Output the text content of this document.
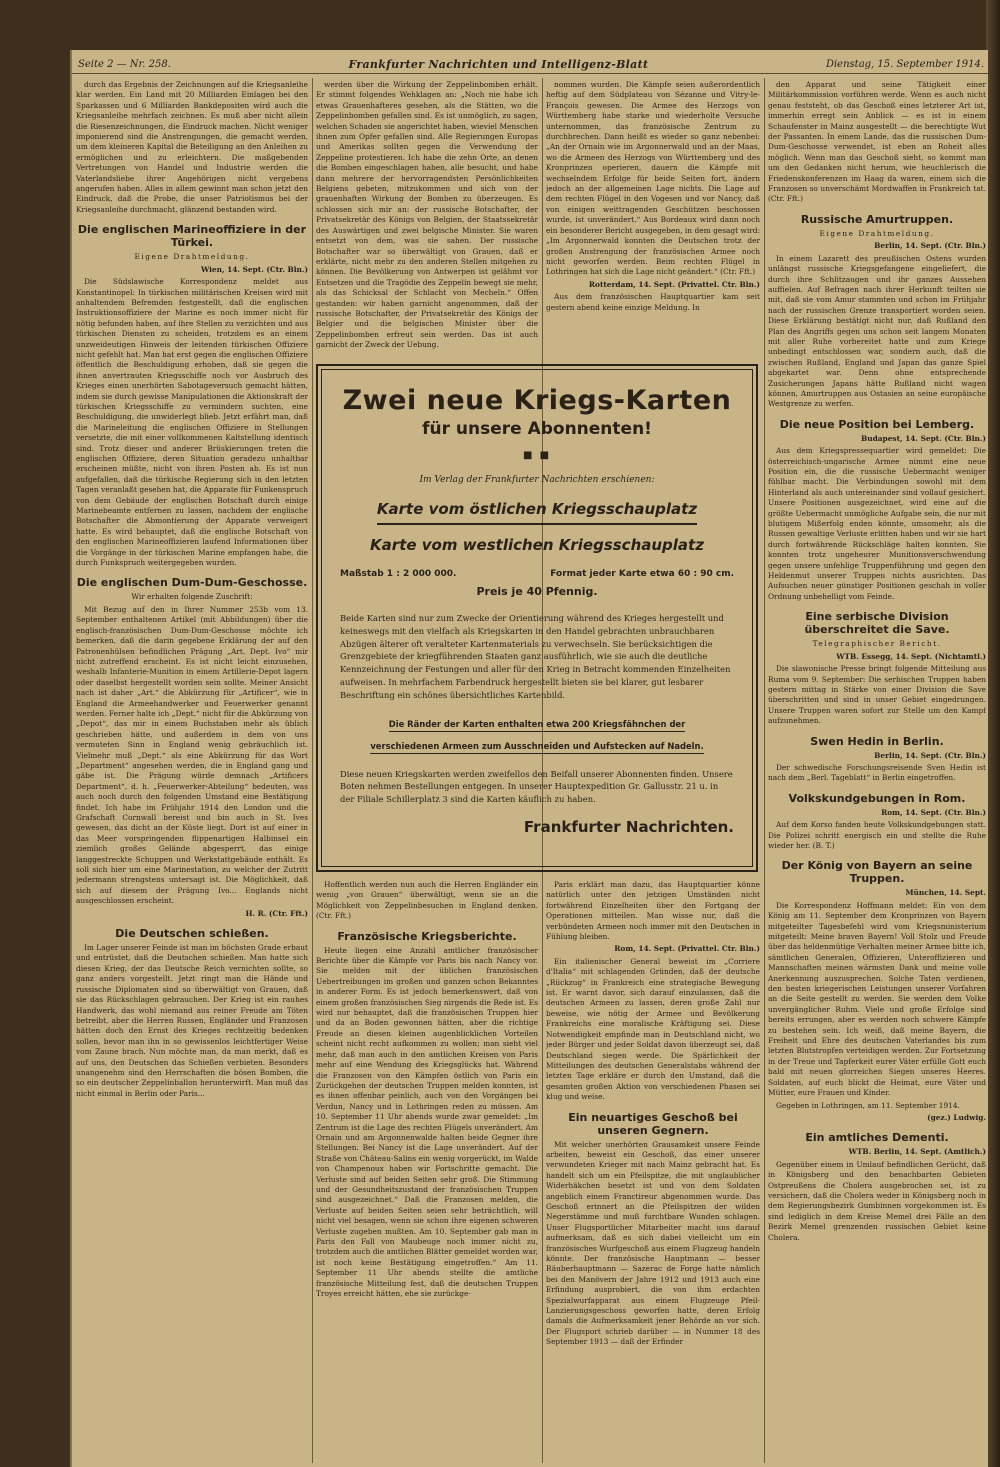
Seite 2 — Nr. 258.	Frankfurter Nachrichten und Intelligenz-Blatt	Dienstag, 15. September 1914.

durch das Ergebnis der Zeichnungen auf die Kriegsanleihe klar werden. Ein Land mit 20 Milliarden Einlagen bei den Sparkassen und 6 Milliarden Bankdepositen wird auch die Kriegsanleihe mehrfach zeichnen. Es muß aber nicht allein die Riesenzeichnungen, die Eindruck machen. Nicht weniger imponierend sind die Anstrengungen, die gemacht werden, um dem kleineren Kapital die Beteiligung an den Anleihen zu ermöglichen und zu erleichtern. Die maßgebenden Vertretungen von Handel und Industrie werden die Vaterlandsliebe ihrer Angehörigen nicht vergebens angerufen haben. Alles in allem gewinnt man schon jetzt den Eindruck, daß die Probe, die unser Patriotismus bei der Kriegsanleihe durchmacht, glänzend bestanden wird.

Die englischen Marineoffiziere in der Türkei.
Eigene Drahtmeldung.
Wien, 14. Sept. (Ctr. Bln.)

Die Südslawische Korrespondenz meldet aus Konstantinopel: In türkischen militärischen Kreisen wird mit anhaltendem Befremden festgestellt, daß die englischen Instruktionsoffiziere der Marine es noch immer nicht für nötig befunden haben, auf ihre Stellen zu verzichten und aus türkischen Diensten zu scheiden, trotzdem es an einem unzweideutigen Hinweis der leitenden türkischen Offiziere nicht gefehlt hat. Man hat erst gegen die englischen Offiziere öffentlich die Beschuldigung erhoben, daß sie gegen die ihnen anvertrauten Kriegsschiffe noch vor Ausbruch des Krieges einen unerhörten Sabotageversuch gemacht hätten, indem sie durch gewisse Manipulationen die Aktionskraft der türkischen Kriegsschiffe zu vermindern suchten, eine Beschuldigung, die unwiderlegt blieb. Jetzt erfährt man, daß die Marineleitung die englischen Offiziere in Stellungen versetzte, die mit einer vollkommenen Kaltstellung identisch sind. Trotz dieser und anderer Brüskierungen treten die englischen Offiziere, deren Situation geradezu unhaltbar erscheinen müßte, nicht von ihren Posten ab. Es ist nun aufgefallen, daß die türkische Regierung sich in den letzten Tagen veranlaßt gesehen hat, die Apparate für Funkenspruch von dem Gebäude der englischen Botschaft durch einige Marinebeamte entfernen zu lassen, nachdem der englische Botschafter die Abmontierung der Apparate verweigert hatte. Es wird behauptet, daß die englische Botschaft von den englischen Marineoffizieren laufend Informationen über die Vorgänge in der türkischen Marine empfangen habe, die durch Funkspruch weitergegeben wurden.

Die englischen Dum-Dum-Geschosse.
Wir erhalten folgende Zuschrift:

Mit Bezug auf den in Ihrer Nummer 253b vom 13. September enthaltenen Artikel (mit Abbildungen) über die englisch-französischen Dum-Dum-Geschosse möchte ich bemerken, daß die darin gegebene Erklärung der auf den Patronenhülsen befindlichen Prägung „Art. Dept. Ivo“ mir nicht zutreffend erscheint. Es ist nicht leicht einzusehen, weshalb Infanterie-Munition in einem Artillerie-Depot lagern oder daselbst hergestellt worden sein sollte. Meiner Ansicht nach ist daher „Art.“ die Abkürzung für „Artificer“, wie in England die Armeehandwerker und Feuerwerker genannt werden. Ferner halte ich „Dept.“ nicht für die Abkürzung von „Depot“, das mir in einem Buchstaben mehr als üblich geschrieben hätte, und außerdem in dem von uns vermuteten Sinn in England wenig gebräuchlich ist. Vielmehr muß „Dept.“ als eine Abkürzung für das Wort „Department“ angesehen werden, die in England gang und gäbe ist. Die Prägung würde demnach „Artificers Department“, d. h. „Feuerwerker-Abteilung“ bedeuten, was auch noch durch den folgenden Umstand eine Bestätigung findet. Ich habe im Frühjahr 1914 den London und die Grafschaft Cornwall bereist und bin auch in St. Ives gewesen, das dicht an der Küste liegt. Dort ist auf einer in das Meer vorspringenden flippenartigen Halbinsel ein ziemlich großes Gelände abgesperrt, das einige langgestreckte Schuppen und Werkstattgebäude enthält. Es soll sich hier um eine Marinestation, zu welcher der Zutritt jedermann strengstens untersagt ist. Die Möglichkeit, daß sich auf diesem der Prägung Ivo... Englands nicht ausgeschlossen erscheint.

H. R. (Ctr. Fft.)
Die Deutschen schießen.

Im Lager unserer Feinde ist man im höchsten Grade erbaut und entrüstet, daß die Deutschen schießen. Man hatte sich diesen Krieg, der das Deutsche Reich vernichten sollte, so ganz anders vorgestellt. Jetzt ringt man die Hände und russische Diplomaten sind so überwältigt von Grauen, daß sie das Rückschlagen gebrauchen. Der Krieg ist ein rauhes Handwerk, das wohl niemand aus reiner Freude am Töten betreibt, aber die Herren Russen, Engländer und Franzosen hätten doch den Ernst des Krieges rechtzeitig bedenken sollen, bevor man ihn in so gewissenlos leichtfertiger Weise vom Zaune brach. Nun möchte man, da man merkt, daß es auf uns, den Deutschen das Schießen verbieten. Besonders unangenehm sind den Herrschaften die bösen Bomben, die so ein deutscher Zeppelinballon herunterwirft. Man muß das nicht einmal in Berlin oder Paris...

werden über die Wirkung der Zeppelinbomben erhält. Er stimmt folgendes Wehklagen an: „Noch nie habe ich etwas Grauenhafteres gesehen, als die Stätten, wo die Zeppelinbomben gefallen sind. Es ist unmöglich, zu sagen, welchen Schaden sie angerichtet haben, wieviel Menschen ihnen zum Opfer gefallen sind. Alle Regierungen Europas und Amerikas sollten gegen die Verwendung der Zeppeline protestieren. Ich habe die zehn Orte, an denen die Bomben eingeschlagen haben, alle besucht, und habe dann mehrere der hervorragendsten Persönlichkeiten Belgiens gebeten, mitzukommen und sich von der grauenhaften Wirkung der Bomben zu überzeugen. Es schlossen sich mir an: der russische Botschafter, der Privatsekretär des Königs von Belgien, der Staatssekretär des Auswärtigen und zwei belgische Minister. Sie waren entsetzt von dem, was sie sahen. Der russische Botschafter war so überwältigt von Grauen, daß er erklärte, nicht mehr zu den anderen Stellen mitgehen zu können. Die Bevölkerung von Antwerpen ist gelähmt vor Entsetzen und die Tragödie des Zeppelin bewegt sie mehr, als das Schicksal der Schlacht von Mecheln.“ Offen gestanden: wir haben garnicht angenommen, daß der russische Botschafter, der Privatsekretär des Königs der Belgier und die belgischen Minister über die Zeppelinbomben erfreut sein werden. Das ist auch garnicht der Zweck der Uebung.

nommen wurden. Die Kämpfe seien außerordentlich heftig auf dem Südplateau von Sézanne und Vitry-le-François gewesen. Die Armee des Herzogs von Württemberg habe starke und wiederholte Versuche unternommen, das französische Zentrum zu durchbrechen. Dann heißt es wieder so ganz nebenbei: „An der Ornain wie im Argonnerwald und an der Maas, wo die Armeen des Herzogs von Württemberg und des Kronprinzen operieren, dauern die Kämpfe mit wechselndem Erfolge für beide Seiten fort, ändern jedoch an der allgemeinen Lage nichts. Die Lage auf dem rechten Flügel in den Vogesen und vor Nancy, daß von einigen weittragenden Geschützen beschossen wurde, ist unverändert.“ Aus Bordeaux wird dann noch ein besonderer Bericht ausgegeben, in dem gesagt wird: „Im Argonnerwald konnten die Deutschen trotz der großen Anstrengung der französischen Armee noch nicht geworfen werden. Beim rechten Flügel in Lothringen hat sich die Lage nicht geändert.“ (Ctr. Fft.)

Rotterdam, 14. Sept. (Privattel. Ctr. Bln.)

Aus dem französischen Hauptquartier kam seit gestern abend keine einzige Meldung. In

Zwei neue Kriegs-Karten
für unsere Abonnenten!
■ ■
Im Verlag der Frankfurter Nachrichten erschienen:
Karte vom östlichen Kriegsschauplatz
Karte vom westlichen Kriegsschauplatz
Maßstab 1 : 2 000 000.	Format jeder Karte etwa 60 : 90 cm.
Preis je 40 Pfennig.
Beide Karten sind nur zum Zwecke der Orientierung während des Krieges hergestellt und keineswegs mit den vielfach als Kriegskarten in den Handel gebrachten unbrauchbaren Abzügen älterer oft veralteter Kartenmaterials zu verwechseln. Sie berücksichtigen die Grenzgebiete der kriegführenden Staaten ganz ausführlich, wie sie auch die deutliche Kennzeichnung der Festungen und aller für den Krieg in Betracht kommenden Einzelheiten aufweisen. In mehrfachem Farbendruck hergestellt bieten sie bei klarer, gut lesbarer Beschriftung ein schönes übersichtliches Kartenbild.
Die Ränder der Karten enthalten etwa 200 Kriegsfähnchen der
verschiedenen Armeen zum Ausschneiden und Aufstecken auf Nadeln.
Diese neuen Kriegskarten werden zweifellos den Beifall unserer Abonnenten finden. Unsere Boten nehmen Bestellungen entgegen. In unserer Hauptexpedition Gr. Gallusstr. 21 u. in der Filiale Schillerplatz 3 sind die Karten käuflich zu haben.
Frankfurter Nachrichten.

Hoffentlich werden nun auch die Herren Engländer ein wenig „von Grauen“ überwältigt, wenn sie an die Möglichkeit von Zeppelinbesuchen in England denken. (Ctr. Fft.)

Französische Kriegsberichte.

Heute liegen eine Anzahl amtlicher französischer Berichte über die Kämpfe vor Paris bis nach Nancy vor. Sie melden mit der üblichen französischen Uebertreibungen im großen und ganzen schon Bekanntes in anderer Form. Es ist jedoch bemerkenswert, daß von einem großen französischen Sieg nirgends die Rede ist. Es wird nur behauptet, daß die französischen Truppen hier und da an Boden gewonnen hätten, aber die richtige Freude an diesen kleinen augenblicklichen Vorteilen scheint nicht recht aufkommen zu wollen; man sieht viel mehr, daß man auch in den amtlichen Kreisen von Paris mehr auf eine Wendung des Kriegsglücks hat. Während die Franzosen von den Kämpfen östlich von Paris ein Zurückgehen der deutschen Truppen melden konnten, ist es ihnen offenbar peinlich, auch von den Vorgängen bei Verdun, Nancy und in Lothringen reden zu müssen. Am 10. September 11 Uhr abends wurde zwar gemeldet: „Im Zentrum ist die Lage des rechten Flügels unverändert. Am Ornain und am Argonnenwalde halten beide Gegner ihre Stellungen. Bei Nancy ist die Lage unverändert. Auf der Straße von Château-Salins ein wenig vorgerückt, im Walde von Champenoux haben wir Fortschritte gemacht. Die Verluste sind auf beiden Seiten sehr groß. Die Stimmung und der Gesundheitszustand der französischen Truppen sind ausgezeichnet.“ Daß die Franzosen melden, die Verluste auf beiden Seiten seien sehr beträchtlich, will nicht viel besagen, wenn sie schon ihre eigenen schweren Verluste zugeben mußten. Am 10. September gab man in Paris den Fall von Maubeuge noch immer nicht zu, trotzdem auch die amtlichen Blätter gemeldet worden war, ist noch keine Bestätigung eingetroffen.“ Am 11. September 11 Uhr abends stellte die amtliche französische Mitteilung fest, daß die deutschen Truppen Troyes erreicht hätten, ehe sie zurückge-

Paris erklärt man dazu, das Hauptquartier könne natürlich unter den jetzigen Umständen nicht fortwährend Einzelheiten über den Fortgang der Operationen mitteilen. Man wisse nur, daß die verbündeten Armeen noch immer mit den Deutschen in Fühlung bleiben.

Rom, 14. Sept. (Privattel. Ctr. Bln.)

Ein italienischer General beweist im „Corriere d'Italia“ mit schlagenden Gründen, daß der deutsche „Rückzug“ in Frankreich eine strategische Bewegung ist. Er warnt davor, sich darauf einzulassen, daß die deutschen Armeen zu lassen, deren große Zahl nur beweise, wie nötig der Armee und Bevölkerung Frankreichs eine moralische Kräftigung sei. Diese Notwendigkeit empfinde man in Deutschland nicht, wo jeder Bürger und jeder Soldat davon überzeugt sei, daß Deutschland siegen werde. Die Spärlichkeit der Mitteilungen des deutschen Generalstabs während der letzten Tage erkläre er durch den Umstand, daß die gesamten großen Aktion von verschiedenen Phasen sei klug und weise.

Ein neuartiges Geschoß bei unseren Gegnern.

Mit welcher unerhörten Grausamkeit unsere Feinde arbeiten, beweist ein Geschoß, das einer unserer verwundeten Krieger mit nach Mainz gebracht hat. Es handelt sich um ein Pfeilspitze, die mit unglaublicher Widerhäkchen besetzt ist und von dem Soldaten angeblich einem Franctireur abgenommen wurde. Das Geschoß erinnert an die Pfeilspitzen der wilden Negerstämme und muß furchtbare Wunden schlagen. Unser Flugsportlicher Mitarbeiter macht uns darauf aufmerksam, daß es sich dabei vielleicht um ein französisches Wurfgeschoß aus einem Flugzeug handeln könnte. Der französische Hauptmann — besser Räuberhauptmann — Sazerac de Forge hatte nämlich bei den Manövern der Jahre 1912 und 1913 auch eine Erfindung ausprobiert, die von ihm erdachten Spezialwurfapparat aus einem Flugzeuge Pfeil-Lanzierungsgeschoss geworfen hatte, deren Erfolg damals die Aufmerksamkeit jener Behörde an vor sich. Der Flugsport schrieb darüber — in Nummer 18 des September 1913 — daß der Erfinder

den Apparat und seine Tätigkeit einer Militärkommission vorführen werde. Wenn es auch nicht genau feststeht, ob das Geschoß eines letzterer Art ist, immerhin erregt sein Anblick — es ist in einem Schaufenster in Mainz ausgestellt — die berechtigte Wut der Passanten. In einem Lande, das die russischen Dum-Dum-Geschosse verwendet, ist eben an Roheit alles möglich. Wenn man das Geschoß sieht, so kommt man um den Gedanken nicht herum, wie heuchlerisch die Friedenskonferenzen im Haag da waren, einem sich die Franzosen so unverschämt Mordwaffen in Frankreich tat. (Ctr. Fft.)

Russische Amurtruppen.
Eigene Drahtmeldung.
Berlin, 14. Sept. (Ctr. Bln.)

In einem Lazarett des preußischen Ostens wurden unlängst russische Kriegsgefangene eingeliefert, die durch ihre Schlitzaugen und ihr ganzes Aussehen auffielen. Auf Befragen nach ihrer Herkunft teilten sie mit, daß sie vom Amur stammten und schon im Frühjahr nach der russischen Grenze transportiert worden seien. Diese Erklärung bestätigt nicht nur, daß Rußland den Plan des Angriffs gegen uns schon seit langem Monaten mit aller Ruhe vorbereitet hatte und zum Kriege unbedingt entschlossen war, sondern auch, daß die zwischen Rußland, England und Japan das ganze Spiel abgekartet war. Denn ohne entsprechende Zusicherungen Japans hätte Rußland nicht wagen können, Amurtruppen aus Ostasien an seine europäische Westgrenze zu werfen.

Die neue Position bei Lemberg.
Budapest, 14. Sept. (Ctr. Bln.)

Aus dem Kriegspressequartier wird gemeldet: Die österreichisch-ungarische Armee nimmt eine neue Position ein, die die russische Uebermacht weniger fühlbar macht. Die Verbindungen sowohl mit dem Hinterland als auch untereinander sind vollauf gesichert. Unsere Positionen ausgezeichnet, wird eine auf die größte Uebermacht unmögliche Aufgabe sein, die nur mit blutigem Mißerfolg enden könnte, umsomehr, als die Russen gewaltige Verluste erlitten haben und wir sie hart durch fortwährende Rückschläge halten konnten. Sie konnten trotz ungeheurer Munitionsverschwendung gegen unsere unfehlige Truppenführung und gegen den Heldenmut unserer Truppen nichts ausrichten. Das Aufsuchen neuer günstiger Positionen geschah in voller Ordnung unbehelligt vom Feinde.

Eine serbische Division überschreitet die Save.
Telegraphischer Bericht.
WTB. Essegg, 14. Sept. (Nichtamtl.)

Die slawonische Presse bringt folgende Mitteilung aus Ruma vom 9. September: Die serbischen Truppen haben gestern mittag in Stärke von einer Division die Save überschritten und sind in unser Gebiet eingedrungen. Unsere Truppen waren sofort zur Stelle um den Kampf aufzunehmen.

Swen Hedin in Berlin.
Berlin, 14. Sept. (Ctr. Bln.)

Der schwedische Forschungsreisende Sven Hedin ist nach dem „Berl. Tageblatt“ in Berlin eingetroffen.

Volkskundgebungen in Rom.
Rom, 14. Sept. (Ctr. Bln.)

Auf dem Korso fanden heute Volkskundgebungen statt. Die Polizei schritt energisch ein und stellte die Ruhe wieder her. (B. T.)

Der König von Bayern an seine Truppen.
München, 14. Sept.

Die Korrespondenz Hoffmann meldet: Ein von dem König am 11. September dem Kronprinzen von Bayern mitgeteilter Tagesbefehl wird vom Kriegsministerium mitgeteilt: Meine braven Bayern! Voll Stolz und Freude über das heldenmütige Verhalten meiner Armee bitte ich, sämtlichen Generalen, Offizieren, Unteroffizieren und Mannschaften meinen wärmsten Dank und meine volle Anerkennung auszusprechen. Solche Taten verdienen, den besten kriegerischen Leistungen unserer Vorfahren an die Seite gestellt zu werden. Sie werden dem Volke unvergänglicher Ruhm. Viele und große Erfolge sind bereits errungen, aber es werden noch schwere Kämpfe zu bestehen sein. Ich weiß, daß meine Bayern, die Freiheit und Ehre des deutschen Vaterlandes bis zum letzten Blutstropfen verteidigen werden. Zur Fortsetzung in der Treue und Tapferkeit eurer Väter erfülle Gott euch bald mit neuen glorreichen Siegen unseres Heeres. Soldaten, auf euch blickt die Heimat, eure Väter und Mütter, eure Frauen und Kinder.

Gegeben in Lothringen, am 11. September 1914.

(gez.) Ludwig.
Ein amtliches Dementi.
WTB. Berlin, 14. Sept. (Amtlich.)

Gegenüber einem in Umlauf befindlichen Gerücht, daß in Königsberg und den benachbarten Gebieten Ostpreußens die Cholera ausgebrochen sei, ist zu versichern, daß die Cholera weder in Königsberg noch in dem Regierungsbezirk Gumbinnen vorgekommen ist. Es sind lediglich in dem Kreise Memel drei Fälle an den Bezirk Memel grenzenden russischen Gebiet keine Cholera.
